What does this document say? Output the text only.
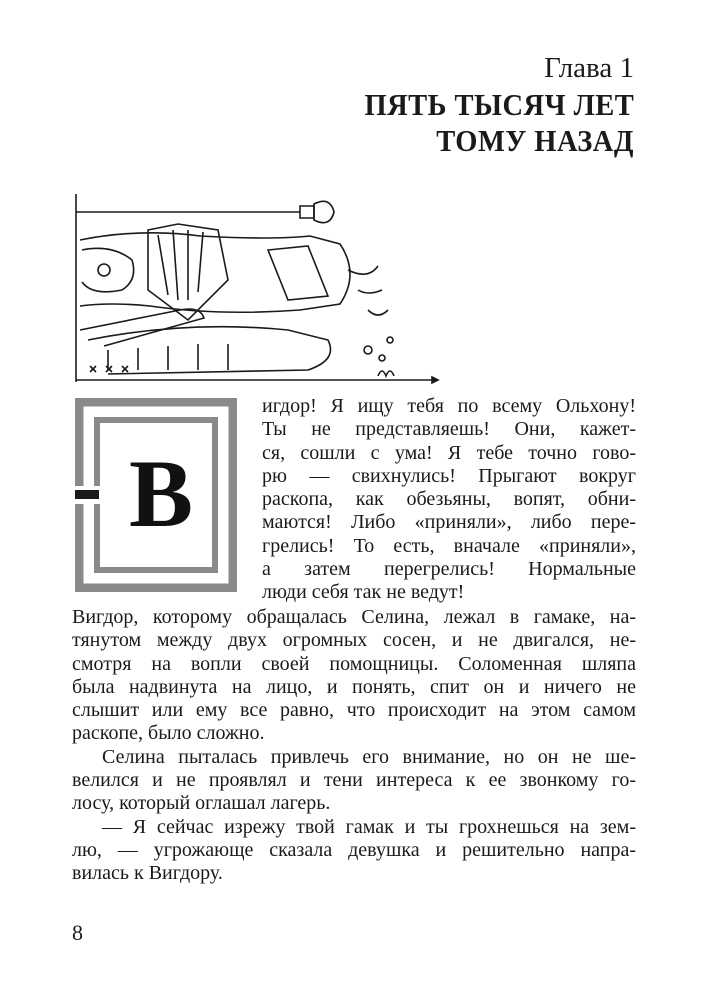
Глава 1
ПЯТЬ ТЫСЯЧ ЛЕТ
ТОМУ НАЗАД
В
игдор! Я ищу тебя по всему Ольхону!
Ты не представляешь! Они, кажет-
ся, сошли с ума! Я тебе точно гово-
рю — свихнулись! Прыгают вокруг
раскопа, как обезьяны, вопят, обни-
маются! Либо «приняли», либо пере-
грелись! То есть, вначале «приняли»,
а затем перегрелись! Нормальные
люди себя так не ведут!
Вигдор, которому обращалась Селина, лежал в гамаке, на-
тянутом между двух огромных сосен, и не двигался, не-
смотря на вопли своей помощницы. Соломенная шляпа
была надвинута на лицо, и понять, спит он и ничего не
слышит или ему все равно, что происходит на этом самом
раскопе, было сложно.
Селина пыталась привлечь его внимание, но он не ше-
велился и не проявлял и тени интереса к ее звонкому го-
лосу, который оглашал лагерь.
— Я сейчас изрежу твой гамак и ты грохнешься на зем-
лю, — угрожающе сказала девушка и решительно напра-
вилась к Вигдору.
8
